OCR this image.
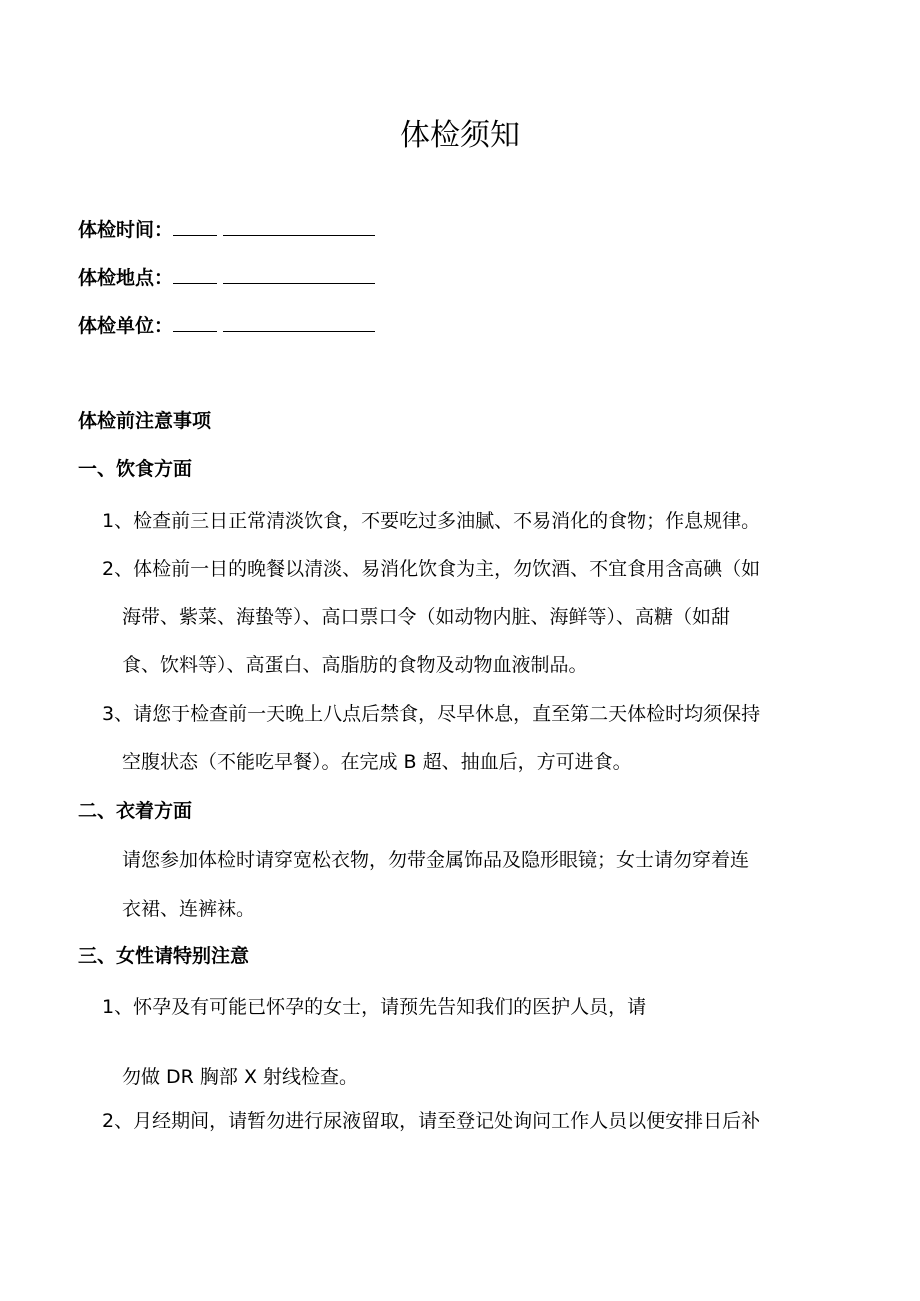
体检须知
体检时间：
体检地点：
体检单位：
体检前注意事项
一、饮食方面
1、检查前三日正常清淡饮食，不要吃过多油腻、不易消化的食物；作息规律。
2、体检前一日的晚餐以清淡、易消化饮食为主，勿饮酒、不宜食用含高碘（如
海带、紫菜、海蛰等）、高口票口令（如动物内脏、海鲜等）、高糖（如甜
食、饮料等）、高蛋白、高脂肪的食物及动物血液制品。
3、请您于检查前一天晚上八点后禁食，尽早休息，直至第二天体检时均须保持
空腹状态（不能吃早餐）。在完成 B 超、抽血后，方可进食。
二、衣着方面
请您参加体检时请穿宽松衣物，勿带金属饰品及隐形眼镜；女士请勿穿着连
衣裙、连裤袜。
三、女性请特别注意
1、怀孕及有可能已怀孕的女士，请预先告知我们的医护人员，请
勿做 DR 胸部 X 射线检查。
2、月经期间，请暂勿进行尿液留取，请至登记处询问工作人员以便安排日后补
